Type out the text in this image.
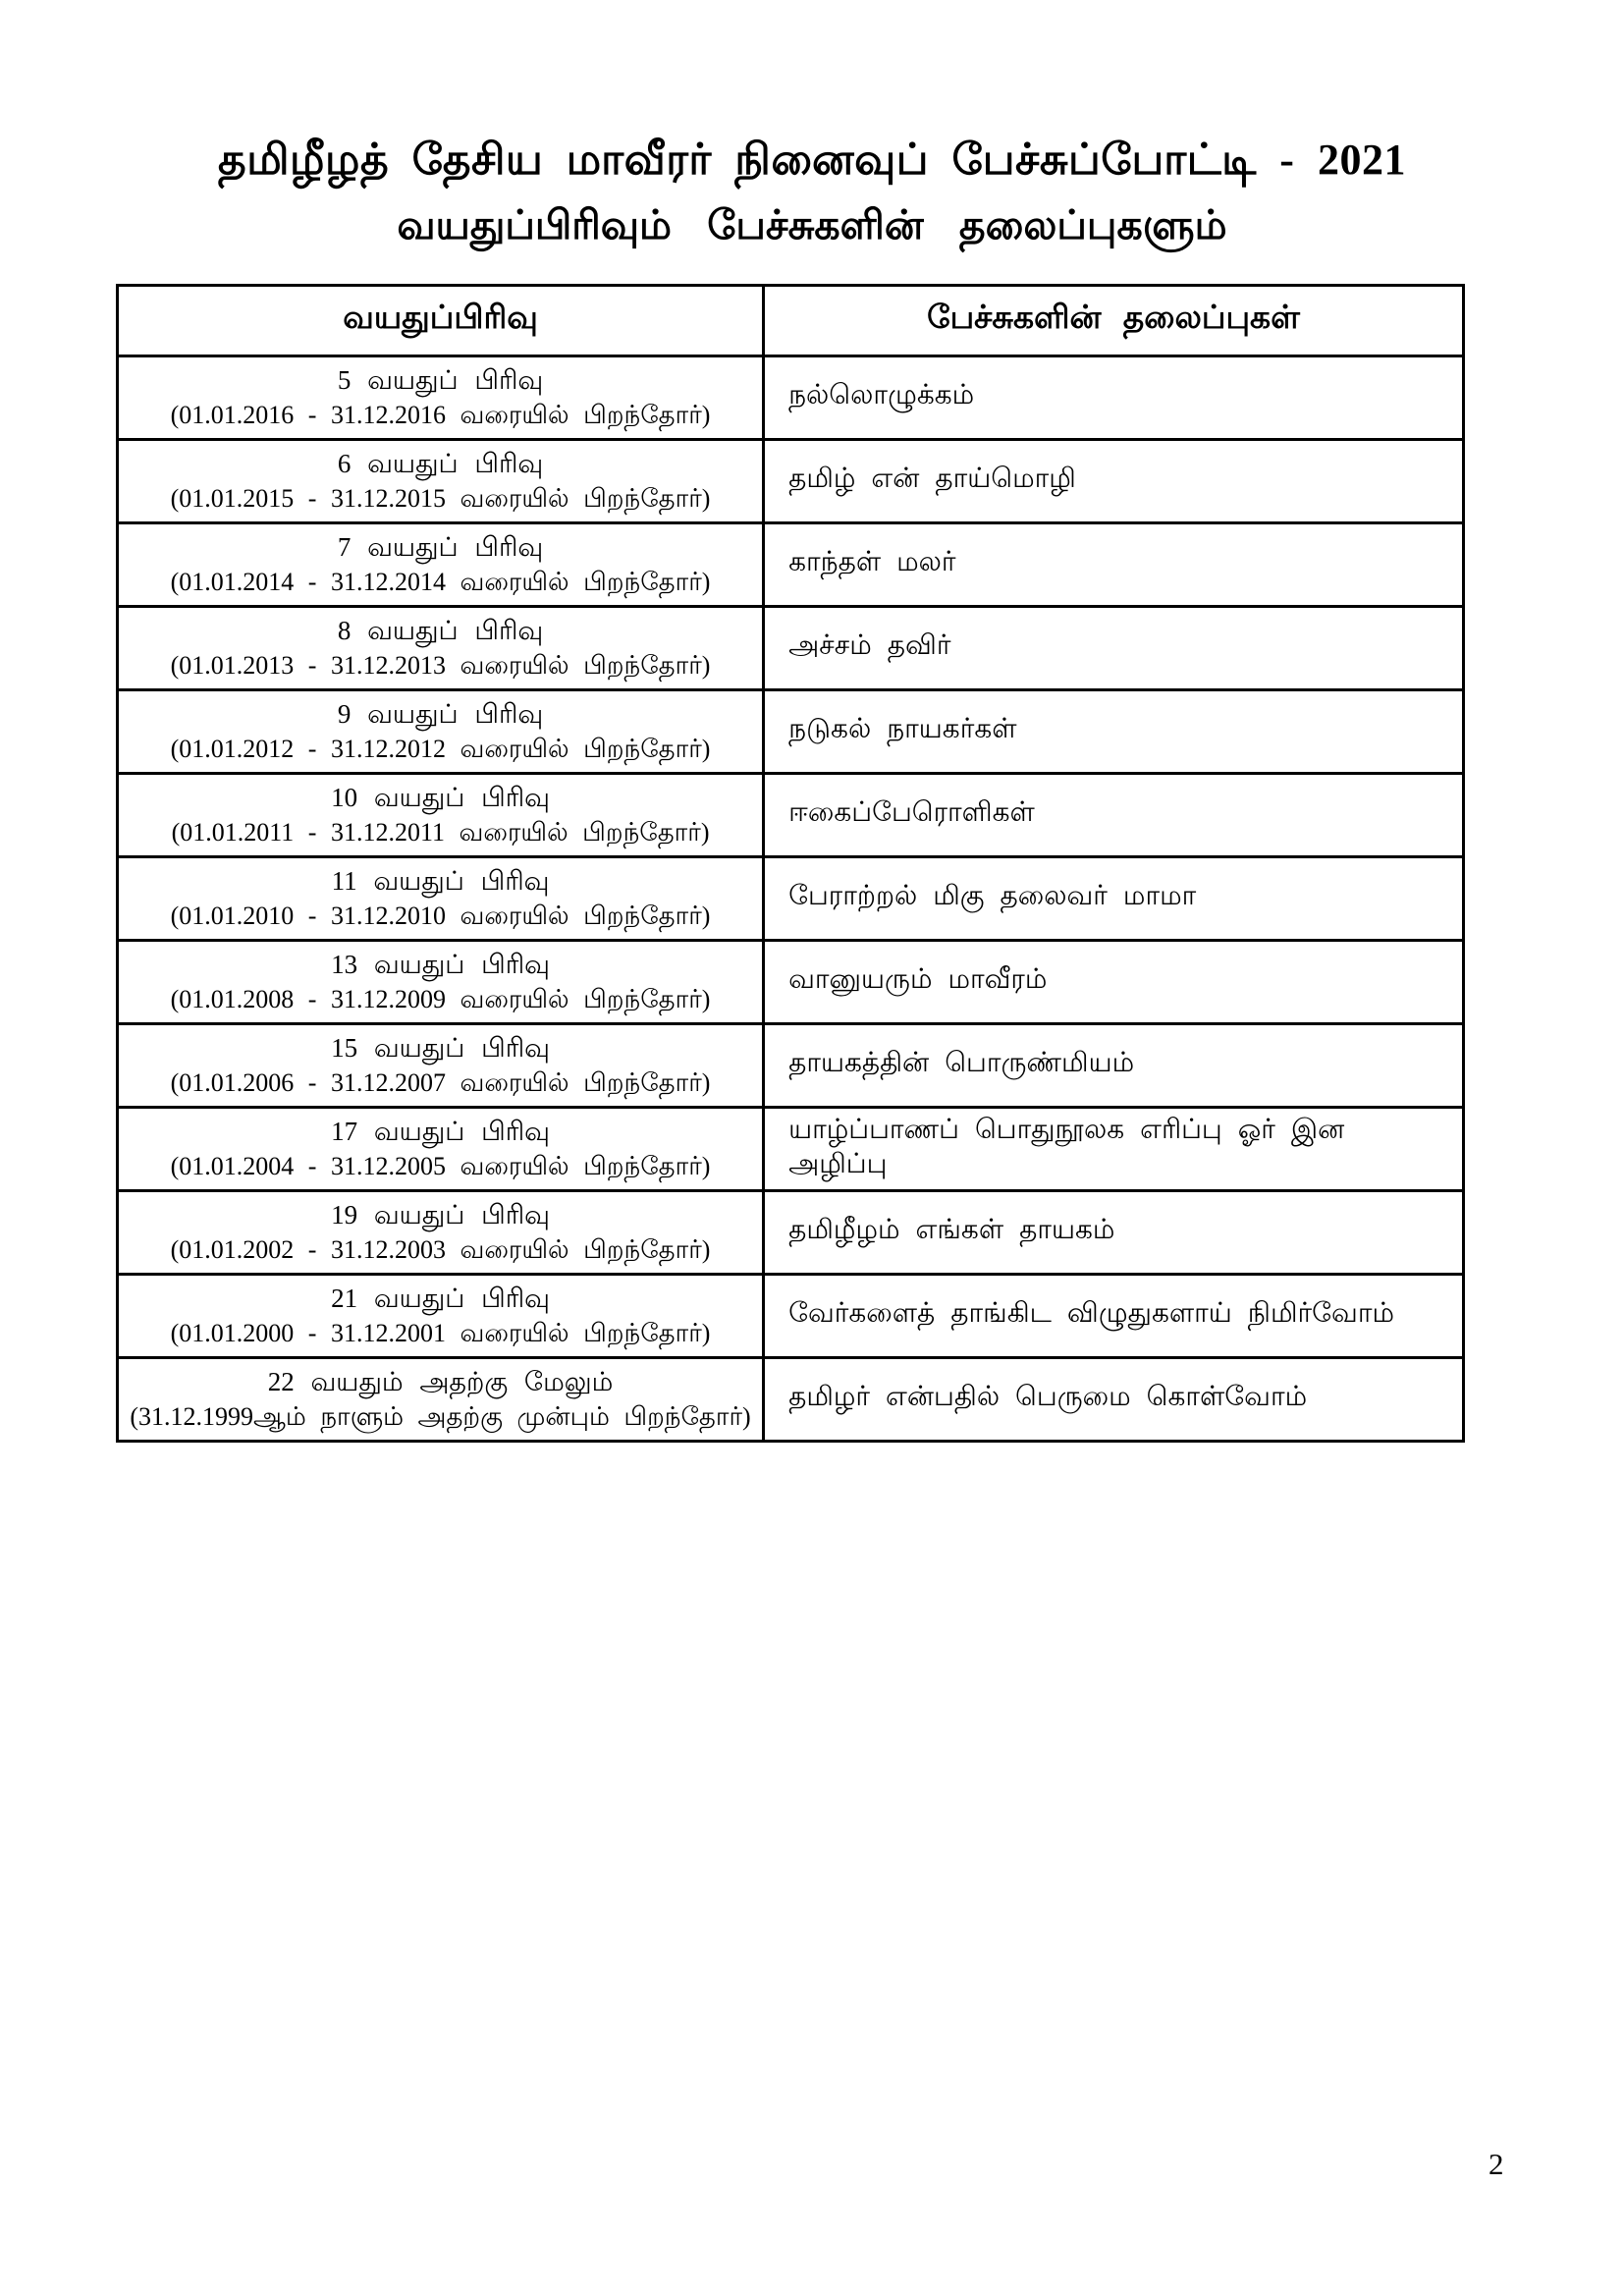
தமிழீழத் தேசிய மாவீரர் நினைவுப் பேச்சுப்போட்டி - 2021
வயதுப்பிரிவும் பேச்சுகளின் தலைப்புகளும்
வயதுப்பிரிவு	பேச்சுகளின் தலைப்புகள்

5 வயதுப் பிரிவு
(01.01.2016 - 31.12.2016 வரையில் பிறந்தோர்)	நல்லொழுக்கம்

6 வயதுப் பிரிவு
(01.01.2015 - 31.12.2015 வரையில் பிறந்தோர்)	தமிழ் என் தாய்மொழி

7 வயதுப் பிரிவு
(01.01.2014 - 31.12.2014 வரையில் பிறந்தோர்)	காந்தள் மலர்

8 வயதுப் பிரிவு
(01.01.2013 - 31.12.2013 வரையில் பிறந்தோர்)	அச்சம் தவிர்

9 வயதுப் பிரிவு
(01.01.2012 - 31.12.2012 வரையில் பிறந்தோர்)	நடுகல் நாயகர்கள்

10 வயதுப் பிரிவு
(01.01.2011 - 31.12.2011 வரையில் பிறந்தோர்)	ஈகைப்பேரொளிகள்

11 வயதுப் பிரிவு
(01.01.2010 - 31.12.2010 வரையில் பிறந்தோர்)	பேராற்றல் மிகு தலைவர் மாமா

13 வயதுப் பிரிவு
(01.01.2008 - 31.12.2009 வரையில் பிறந்தோர்)	வானுயரும் மாவீரம்

15 வயதுப் பிரிவு
(01.01.2006 - 31.12.2007 வரையில் பிறந்தோர்)	தாயகத்தின் பொருண்மியம்

17 வயதுப் பிரிவு
(01.01.2004 - 31.12.2005 வரையில் பிறந்தோர்)	யாழ்ப்பாணப் பொதுநூலக எரிப்பு ஓர் இன அழிப்பு

19 வயதுப் பிரிவு
(01.01.2002 - 31.12.2003 வரையில் பிறந்தோர்)	தமிழீழம் எங்கள் தாயகம்

21 வயதுப் பிரிவு
(01.01.2000 - 31.12.2001 வரையில் பிறந்தோர்)	வேர்களைத் தாங்கிட விழுதுகளாய் நிமிர்வோம்

22 வயதும் அதற்கு மேலும்
(31.12.1999ஆம் நாளும் அதற்கு முன்பும் பிறந்தோர்)	தமிழர் என்பதில் பெருமை கொள்வோம்
2
